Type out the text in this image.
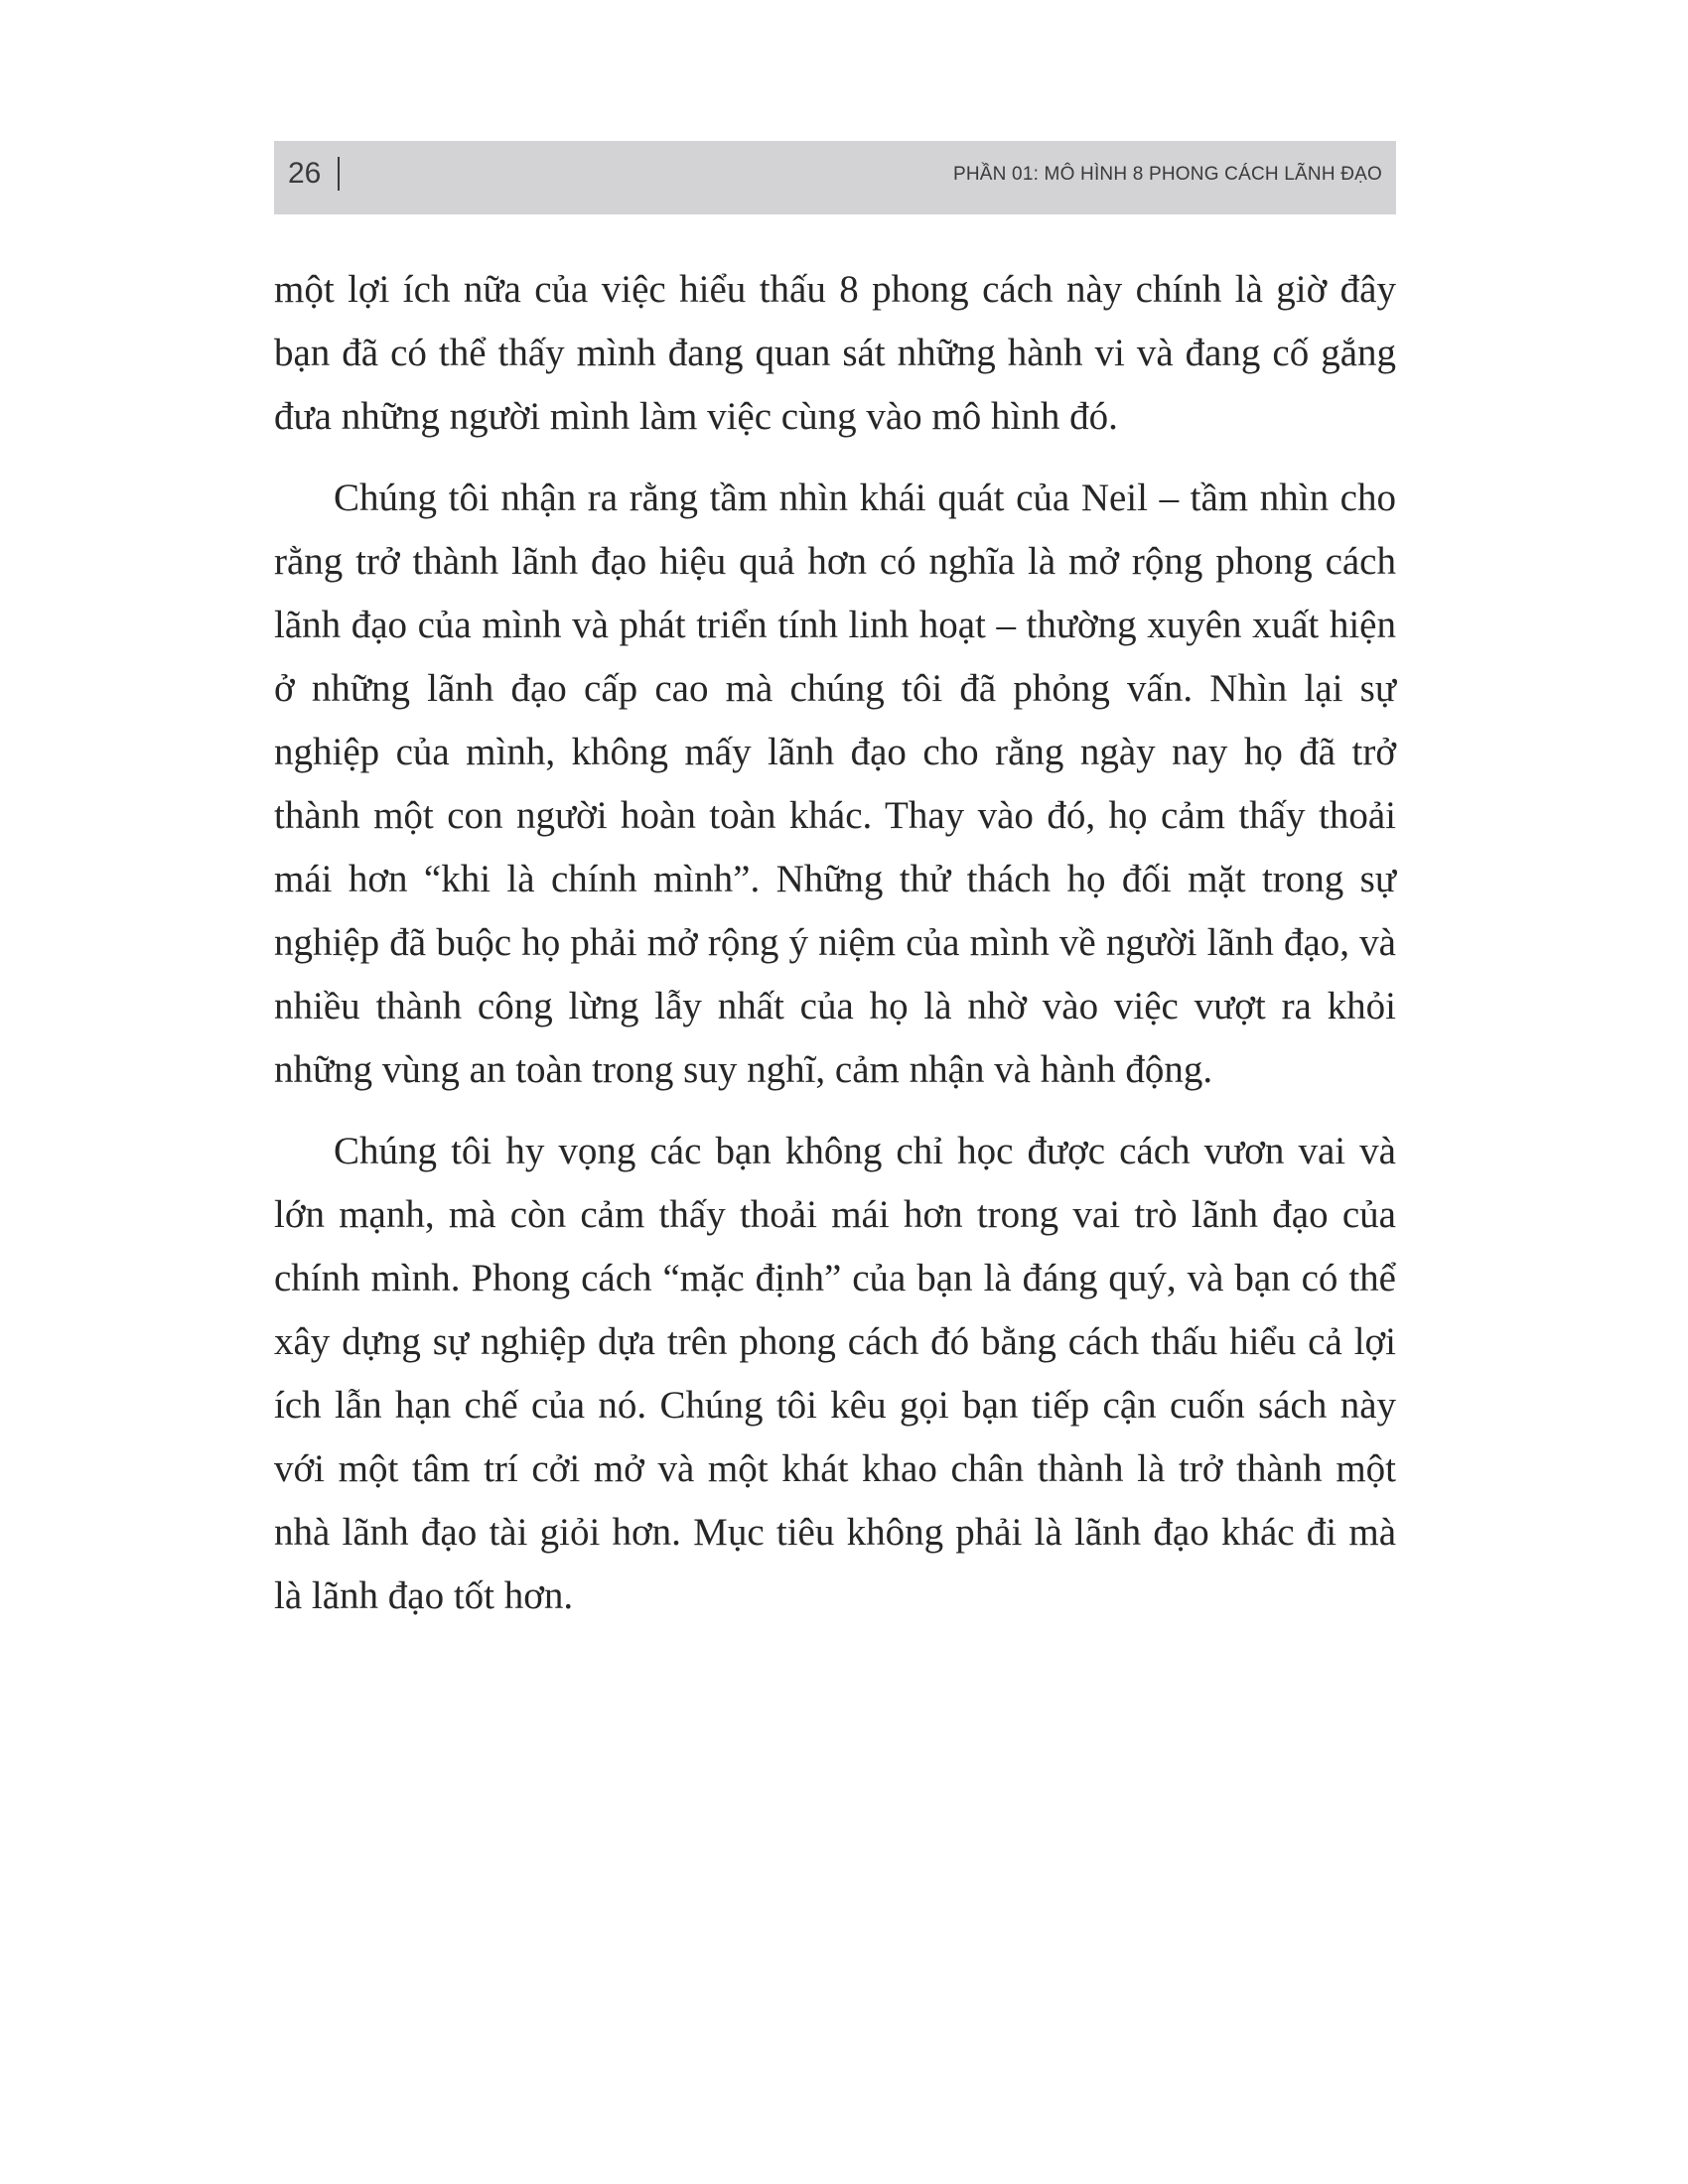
26	PHẦN 01: MÔ HÌNH 8 PHONG CÁCH LÃNH ĐẠO

một lợi ích nữa của việc hiểu thấu 8 phong cách này chính là giờ đây bạn đã có thể thấy mình đang quan sát những hành vi và đang cố gắng đưa những người mình làm việc cùng vào mô hình đó.

Chúng tôi nhận ra rằng tầm nhìn khái quát của Neil – tầm nhìn cho rằng trở thành lãnh đạo hiệu quả hơn có nghĩa là mở rộng phong cách lãnh đạo của mình và phát triển tính linh hoạt – thường xuyên xuất hiện ở những lãnh đạo cấp cao mà chúng tôi đã phỏng vấn. Nhìn lại sự nghiệp của mình, không mấy lãnh đạo cho rằng ngày nay họ đã trở thành một con người hoàn toàn khác. Thay vào đó, họ cảm thấy thoải mái hơn “khi là chính mình”. Những thử thách họ đối mặt trong sự nghiệp đã buộc họ phải mở rộng ý niệm của mình về người lãnh đạo, và nhiều thành công lừng lẫy nhất của họ là nhờ vào việc vượt ra khỏi những vùng an toàn trong suy nghĩ, cảm nhận và hành động.

Chúng tôi hy vọng các bạn không chỉ học được cách vươn vai và lớn mạnh, mà còn cảm thấy thoải mái hơn trong vai trò lãnh đạo của chính mình. Phong cách “mặc định” của bạn là đáng quý, và bạn có thể xây dựng sự nghiệp dựa trên phong cách đó bằng cách thấu hiểu cả lợi ích lẫn hạn chế của nó. Chúng tôi kêu gọi bạn tiếp cận cuốn sách này với một tâm trí cởi mở và một khát khao chân thành là trở thành một nhà lãnh đạo tài giỏi hơn. Mục tiêu không phải là lãnh đạo khác đi mà là lãnh đạo tốt hơn.
